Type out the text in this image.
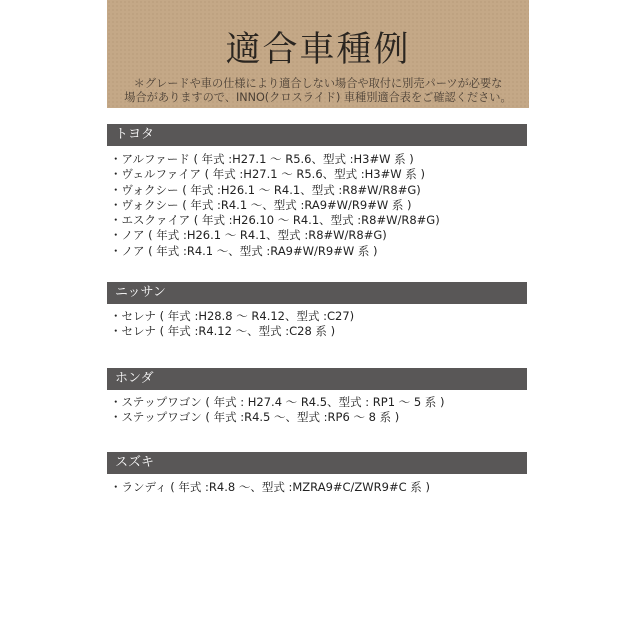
適合車種例
＊グレードや車の仕様により適合しない場合や取付に別売パーツが必要な
場合がありますので、INNO(クロスライド) 車種別適合表をご確認ください。
トヨタ
・アルファード ( 年式 :H27.1 ～ R5.6、型式 :H3#W 系 )
・ヴェルファイア ( 年式 :H27.1 ～ R5.6、型式 :H3#W 系 )
・ヴォクシー ( 年式 :H26.1 ～ R4.1、型式 :R8#W/R8#G)
・ヴォクシー ( 年式 :R4.1 ～、型式 :RA9#W/R9#W 系 )
・エスクァイア ( 年式 :H26.10 ～ R4.1、型式 :R8#W/R8#G)
・ノア ( 年式 :H26.1 ～ R4.1、型式 :R8#W/R8#G)
・ノア ( 年式 :R4.1 ～、型式 :RA9#W/R9#W 系 )
ニッサン
・セレナ ( 年式 :H28.8 ～ R4.12、型式 :C27)
・セレナ ( 年式 :R4.12 ～、型式 :C28 系 )
ホンダ
・ステップワゴン ( 年式 : H27.4 ～ R4.5、型式 : RP1 ～ 5 系 )
・ステップワゴン ( 年式 :R4.5 ～、型式 :RP6 ～ 8 系 )
スズキ
・ランディ ( 年式 :R4.8 ～、型式 :MZRA9#C/ZWR9#C 系 )
